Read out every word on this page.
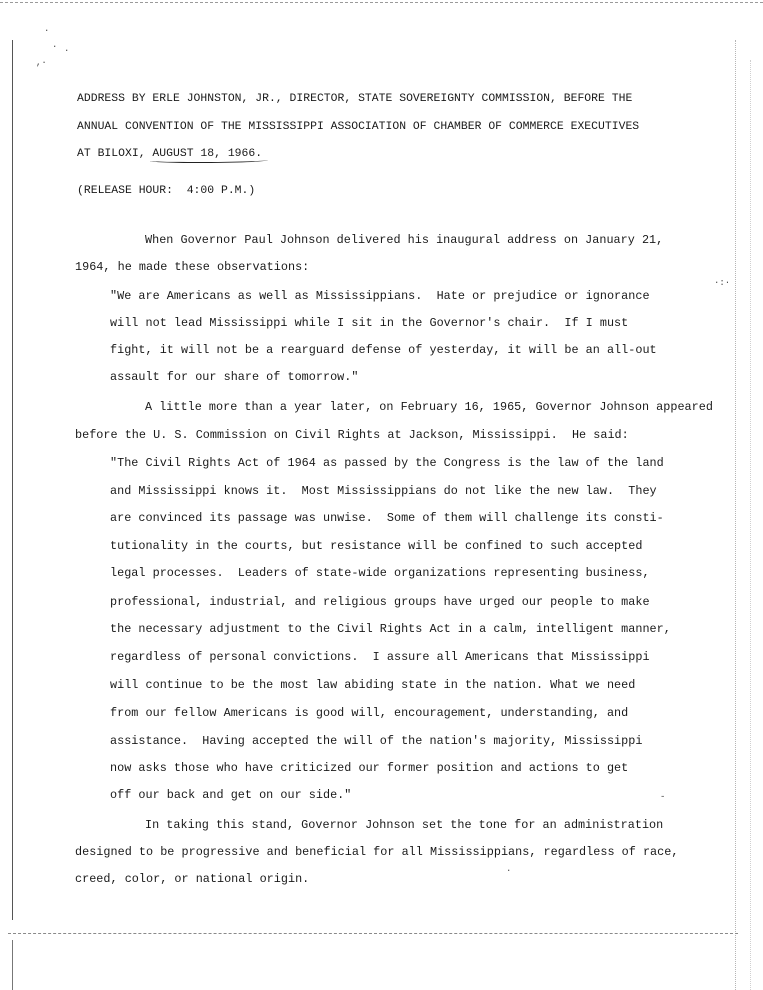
·
·
,·
·
·:·
-
·
ADDRESS BY ERLE JOHNSTON, JR., DIRECTOR, STATE SOVEREIGNTY COMMISSION, BEFORE THE
ANNUAL CONVENTION OF THE MISSISSIPPI ASSOCIATION OF CHAMBER OF COMMERCE EXECUTIVES
AT BILOXI, AUGUST 18, 1966.
(RELEASE HOUR:  4:00 P.M.)
When Governor Paul Johnson delivered his inaugural address on January 21,
1964, he made these observations:
"We are Americans as well as Mississippians.  Hate or prejudice or ignorance
will not lead Mississippi while I sit in the Governor's chair.  If I must
fight, it will not be a rearguard defense of yesterday, it will be an all-out
assault for our share of tomorrow."
A little more than a year later, on February 16, 1965, Governor Johnson appeared
before the U. S. Commission on Civil Rights at Jackson, Mississippi.  He said:
"The Civil Rights Act of 1964 as passed by the Congress is the law of the land
and Mississippi knows it.  Most Mississippians do not like the new law.  They
are convinced its passage was unwise.  Some of them will challenge its consti-
tutionality in the courts, but resistance will be confined to such accepted
legal processes.  Leaders of state-wide organizations representing business,
professional, industrial, and religious groups have urged our people to make
the necessary adjustment to the Civil Rights Act in a calm, intelligent manner,
regardless of personal convictions.  I assure all Americans that Mississippi
will continue to be the most law abiding state in the nation. What we need
from our fellow Americans is good will, encouragement, understanding, and
assistance.  Having accepted the will of the nation's majority, Mississippi
now asks those who have criticized our former position and actions to get
off our back and get on our side."
In taking this stand, Governor Johnson set the tone for an administration
designed to be progressive and beneficial for all Mississippians, regardless of race,
creed, color, or national origin.
